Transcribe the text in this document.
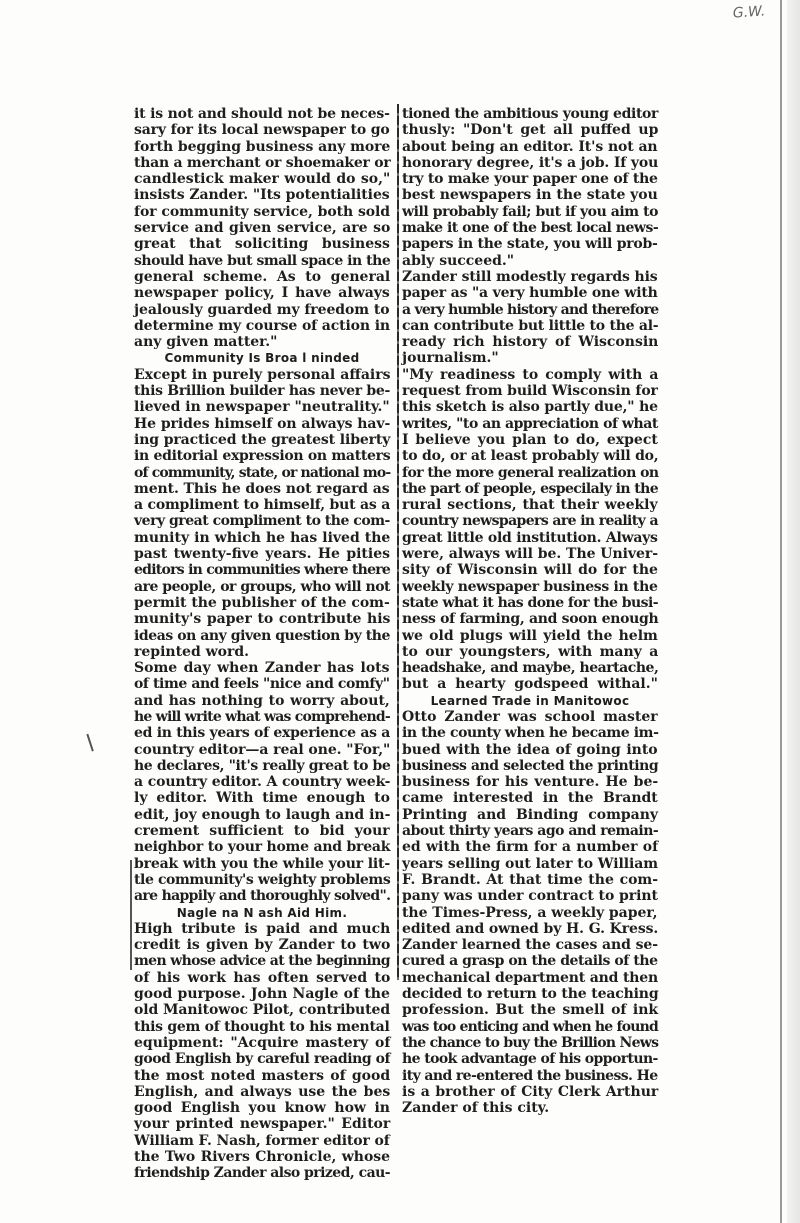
G.W.
it is not and should not be neces-
sary for its local newspaper to go
forth begging business any more
than a merchant or shoemaker or
candlestick maker would do so,"
insists Zander. "Its potentialities
for community service, both sold
service and given service, are so
great that soliciting business
should have but small space in the
general scheme. As to general
newspaper policy, I have always
jealously guarded my freedom to
determine my course of action in
any given matter."
Community Is Broa l ninded
Except in purely personal affairs
this Brillion builder has never be-
lieved in newspaper "neutrality."
He prides himself on always hav-
ing practiced the greatest liberty
in editorial expression on matters
of community, state, or national mo-
ment. This he does not regard as
a compliment to himself, but as a
very great compliment to the com-
munity in which he has lived the
past twenty-five years. He pities
editors in communities where there
are people, or groups, who will not
permit the publisher of the com-
munity's paper to contribute his
ideas on any given question by the
repinted word.
Some day when Zander has lots
of time and feels "nice and comfy"
and has nothing to worry about,
he will write what was comprehend-
ed in this years of experience as a
country editor—a real one. "For,"
he declares, "it's really great to be
a country editor. A country week-
ly editor. With time enough to
edit, joy enough to laugh and in-
crement sufficient to bid your
neighbor to your home and break
break with you the while your lit-
tle community's weighty problems
are happily and thoroughly solved".
Nagle na N ash Aid Him.
High tribute is paid and much
credit is given by Zander to two
men whose advice at the beginning
of his work has often served to
good purpose. John Nagle of the
old Manitowoc Pilot, contributed
this gem of thought to his mental
equipment: "Acquire mastery of
good English by careful reading of
the most noted masters of good
English, and always use the bes
good English you know how in
your printed newspaper." Editor
William F. Nash, former editor of
the Two Rivers Chronicle, whose
friendship Zander also prized, cau-
tioned the ambitious young editor
thusly: "Don't get all puffed up
about being an editor. It's not an
honorary degree, it's a job. If you
try to make your paper one of the
best newspapers in the state you
will probably fail; but if you aim to
make it one of the best local news-
papers in the state, you will prob-
ably succeed."
Zander still modestly regards his
paper as "a very humble one with
a very humble history and therefore
can contribute but little to the al-
ready rich history of Wisconsin
journalism."
"My readiness to comply with a
request from build Wisconsin for
this sketch is also partly due," he
writes, "to an appreciation of what
I believe you plan to do, expect
to do, or at least probably will do,
for the more general realization on
the part of people, especilaly in the
rural sections, that their weekly
country newspapers are in reality a
great little old institution. Always
were, always will be. The Univer-
sity of Wisconsin will do for the
weekly newspaper business in the
state what it has done for the busi-
ness of farming, and soon enough
we old plugs will yield the helm
to our youngsters, with many a
headshake, and maybe, heartache,
but a hearty godspeed withal."
Learned Trade in Manitowoc
Otto Zander was school master
in the county when he became im-
bued with the idea of going into
business and selected the printing
business for his venture. He be-
came interested in the Brandt
Printing and Binding company
about thirty years ago and remain-
ed with the firm for a number of
years selling out later to William
F. Brandt. At that time the com-
pany was under contract to print
the Times-Press, a weekly paper,
edited and owned by H. G. Kress.
Zander learned the cases and se-
cured a grasp on the details of the
mechanical department and then
decided to return to the teaching
profession. But the smell of ink
was too enticing and when he found
the chance to buy the Brillion News
he took advantage of his opportun-
ity and re-entered the business. He
is a brother of City Clerk Arthur
Zander of this city.
